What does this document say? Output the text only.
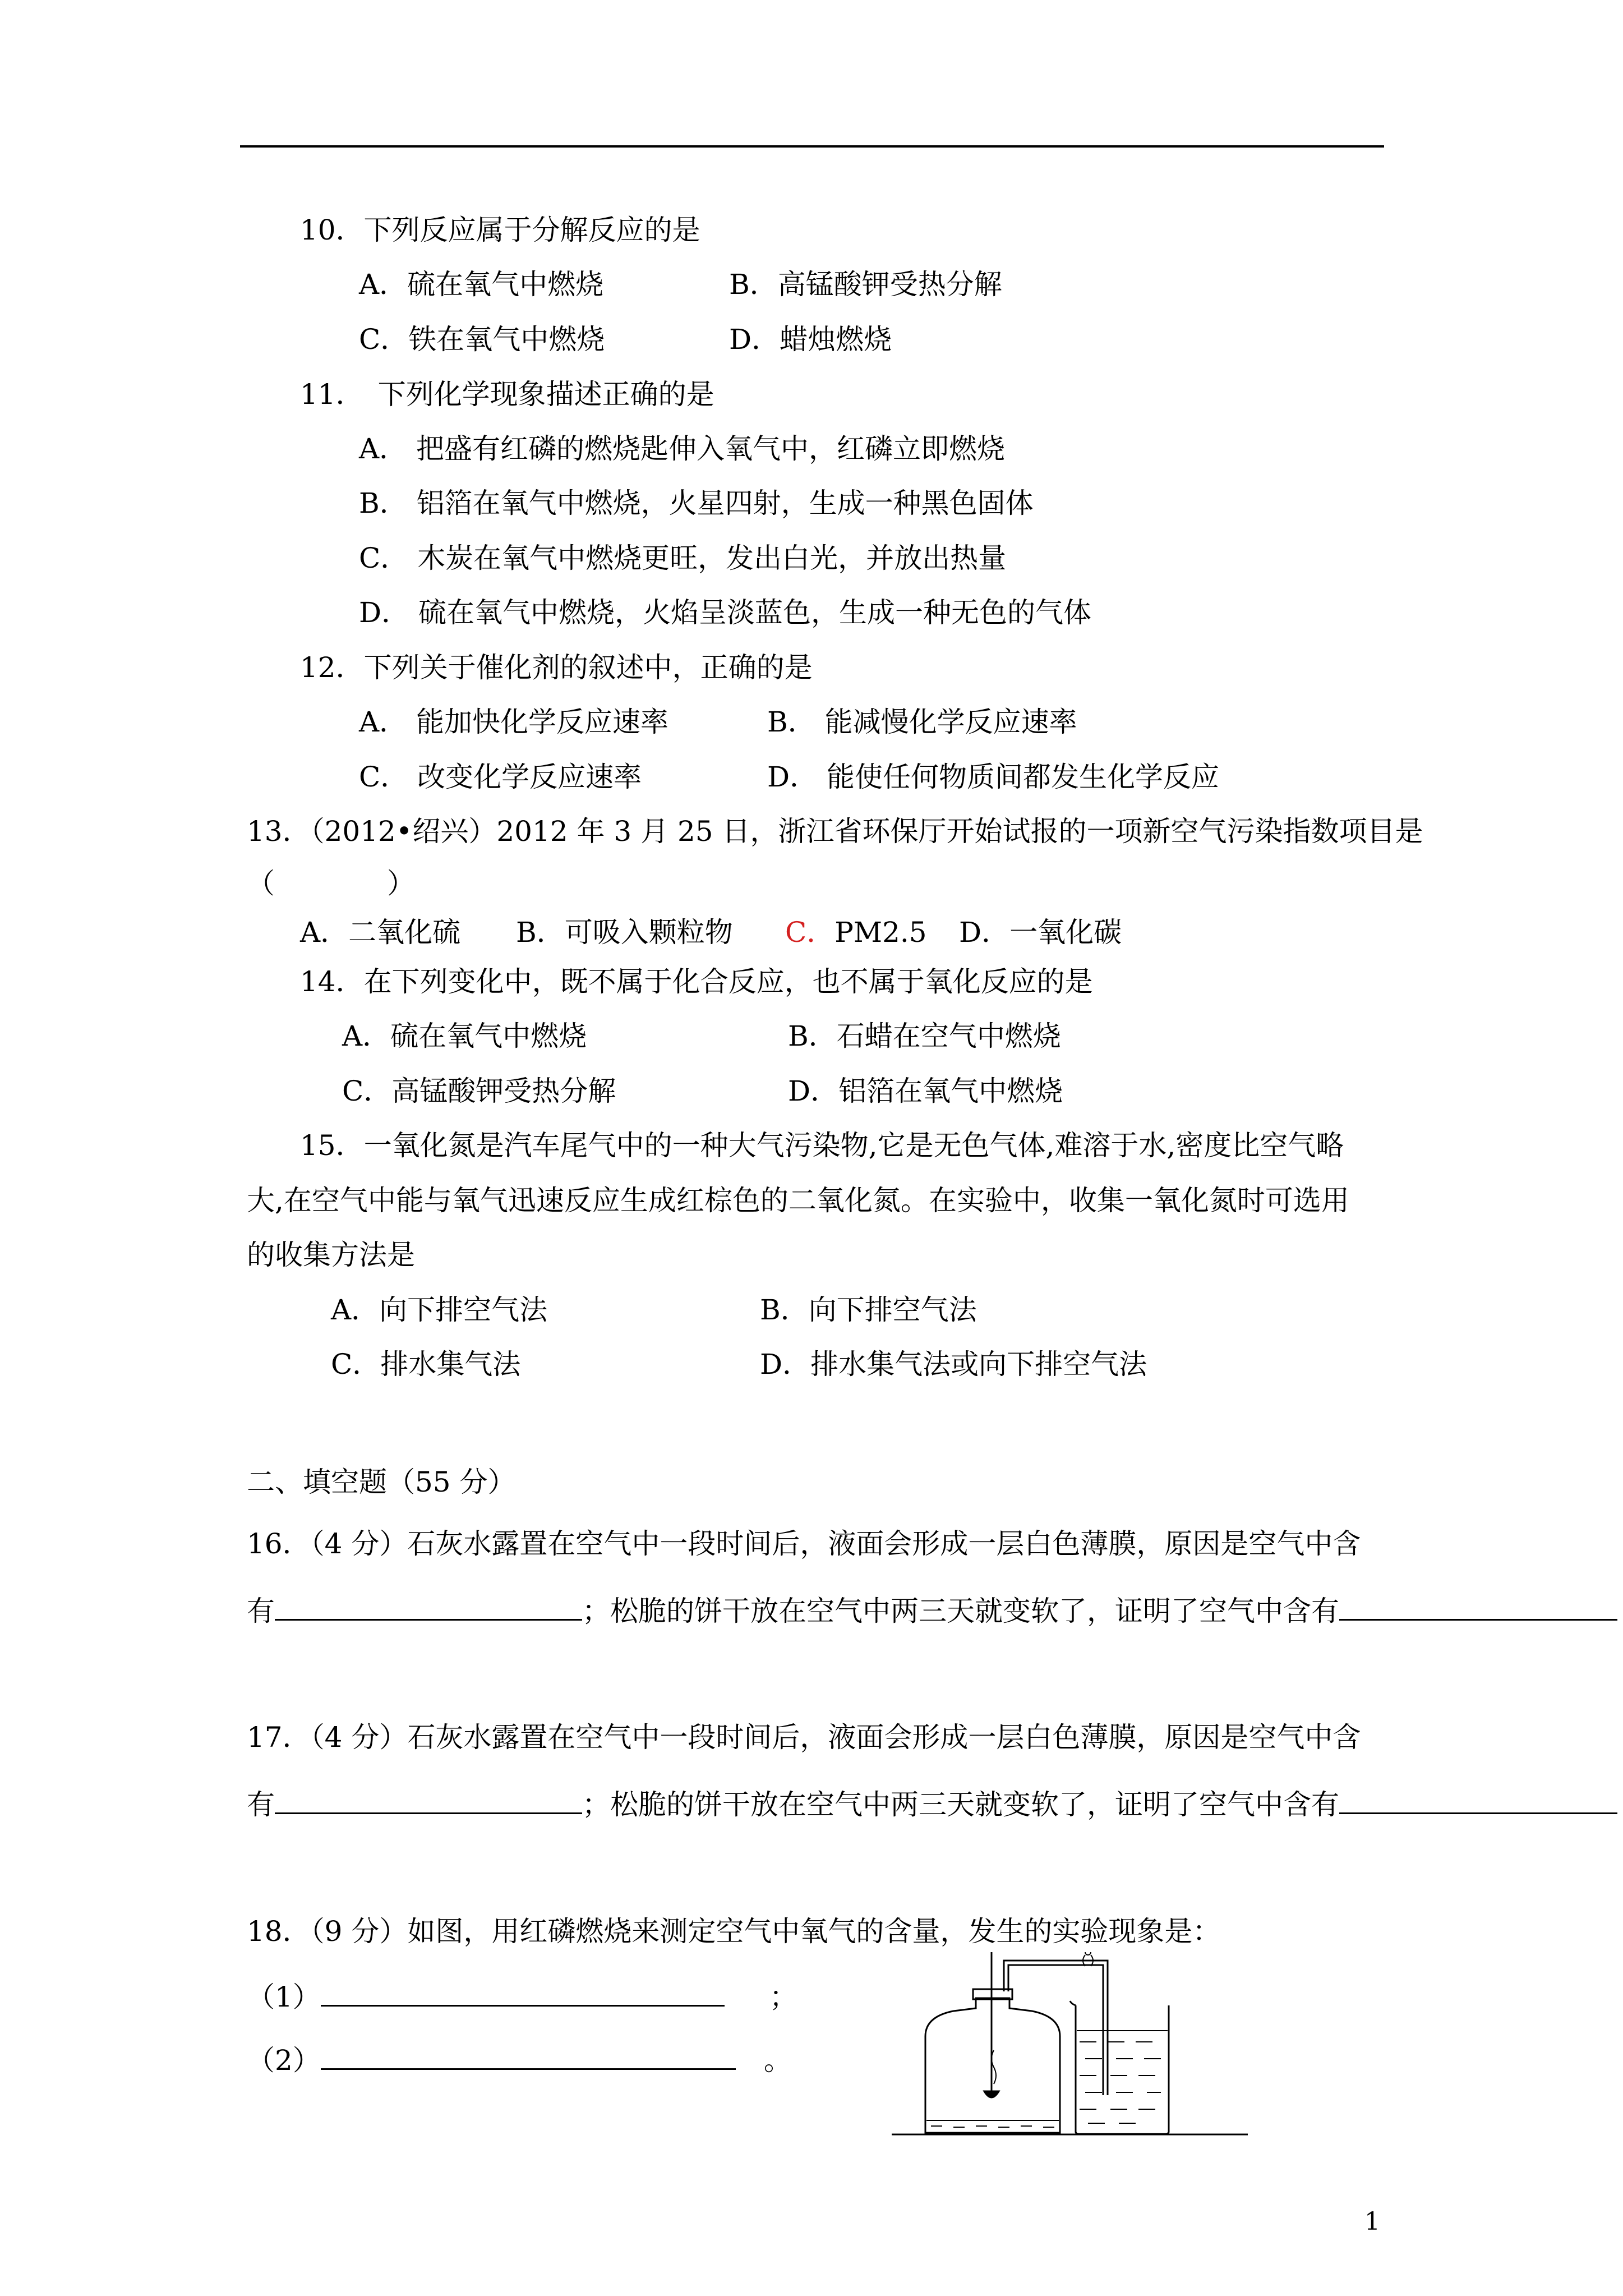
10．下列反应属于分解反应的是
A．硫在氧气中燃烧	B．高锰酸钾受热分解
C．铁在氧气中燃烧	D．蜡烛燃烧
11．　下列化学现象描述正确的是
A． 把盛有红磷的燃烧匙伸入氧气中，红磷立即燃烧
B． 铝箔在氧气中燃烧，火星四射，生成一种黑色固体
C． 木炭在氧气中燃烧更旺，发出白光，并放出热量
D． 硫在氧气中燃烧，火焰呈淡蓝色，生成一种无色的气体
12．下列关于催化剂的叙述中，正确的是
A． 能加快化学反应速率	B． 能减慢化学反应速率
C． 改变化学反应速率	D． 能使任何物质间都发生化学反应
13．（2012•绍兴）2012 年 3 月 25 日，浙江省环保厅开始试报的一项新空气污染指数项目是
（　　　　）
A．二氧化硫 B．可吸入颗粒物 C．PM2.5 D．一氧化碳
14．在下列变化中，既不属于化合反应，也不属于氧化反应的是
A．硫在氧气中燃烧	B．石蜡在空气中燃烧
C．高锰酸钾受热分解	D．铝箔在氧气中燃烧
15．一氧化氮是汽车尾气中的一种大气污染物,它是无色气体,难溶于水,密度比空气略
大,在空气中能与氧气迅速反应生成红棕色的二氧化氮。在实验中，收集一氧化氮时可选用
的收集方法是
A．向下排空气法	B．向下排空气法
C．排水集气法	D．排水集气法或向下排空气法
二、填空题（55 分）
16．（4 分）石灰水露置在空气中一段时间后，液面会形成一层白色薄膜，原因是空气中含
有	；松脆的饼干放在空气中两三天就变软了，证明了空气中含有
17．（4 分）石灰水露置在空气中一段时间后，液面会形成一层白色薄膜，原因是空气中含
有	；松脆的饼干放在空气中两三天就变软了，证明了空气中含有
18．（9 分）如图，用红磷燃烧来测定空气中氧气的含量，发生的实验现象是：
（1）	；
（2）	。
1
